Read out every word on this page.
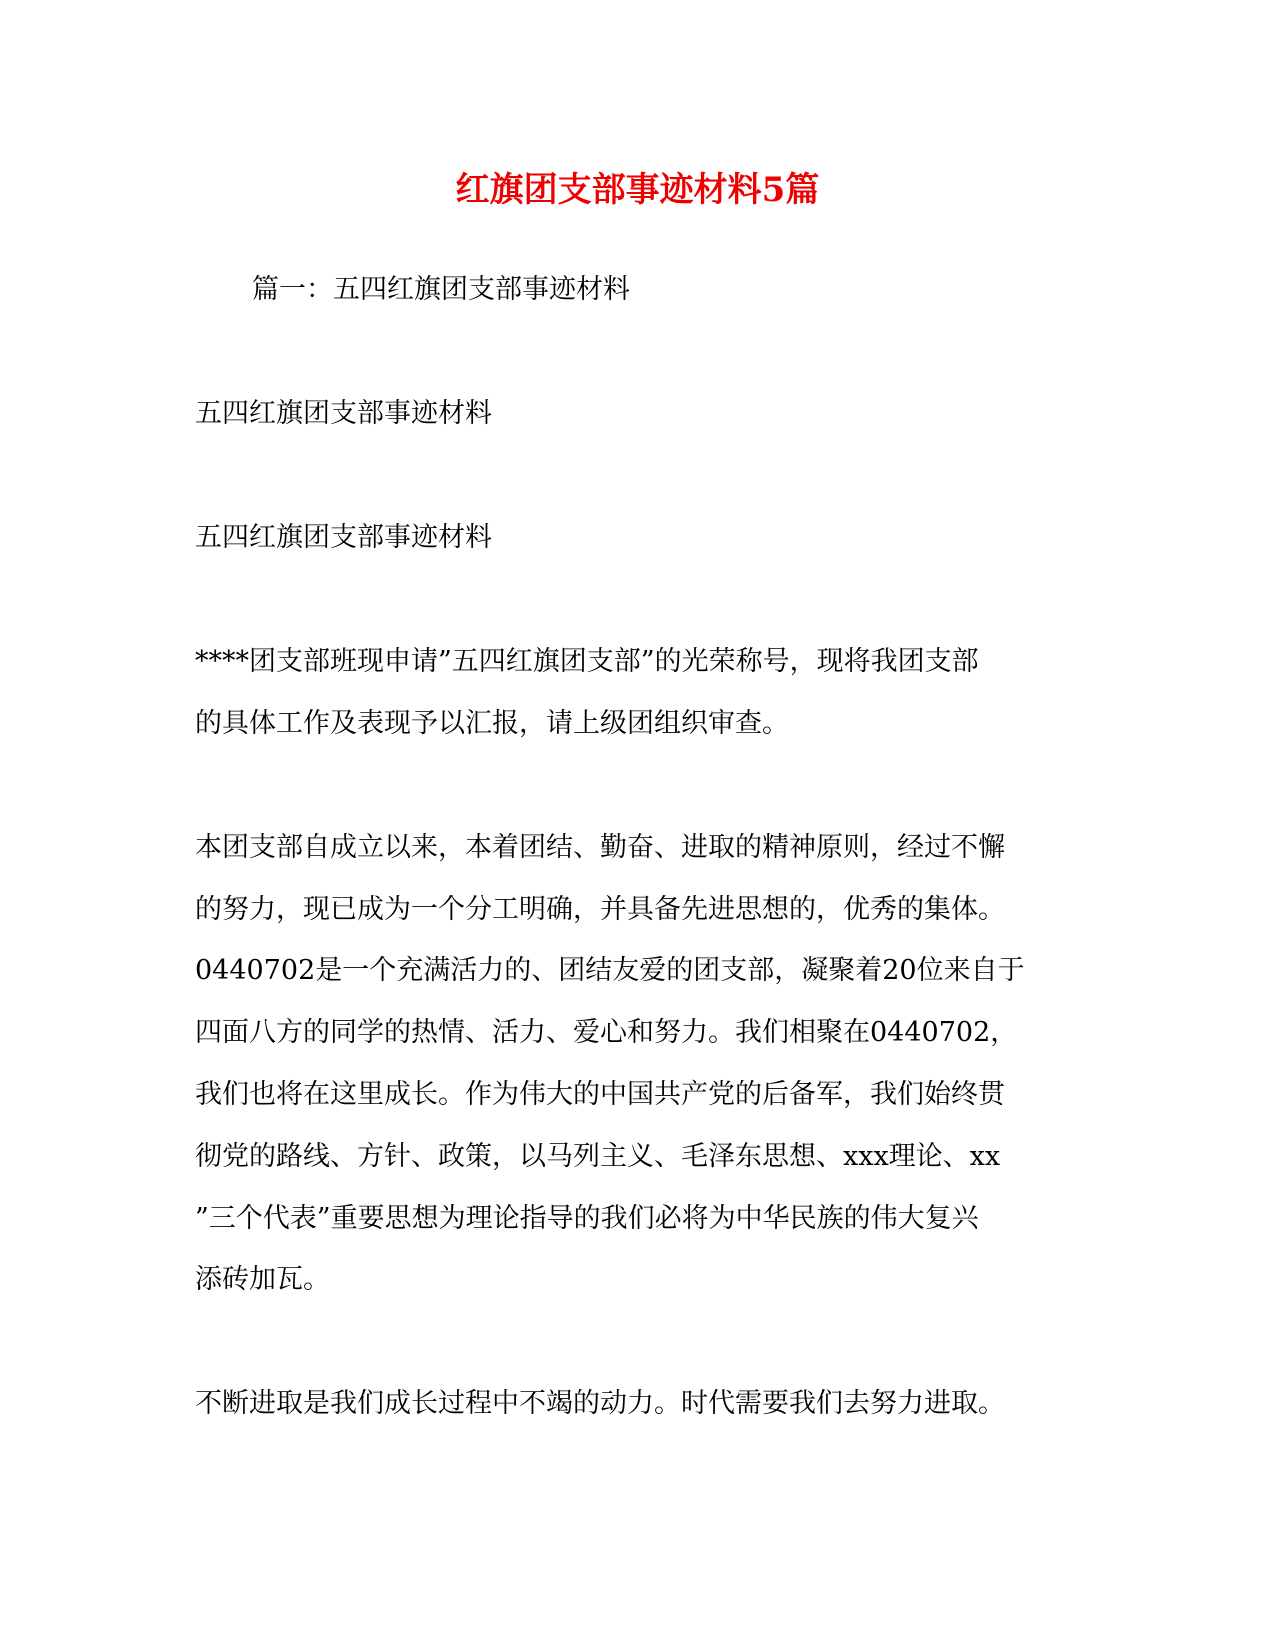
红旗团支部事迹材料5篇
篇一：五四红旗团支部事迹材料
五四红旗团支部事迹材料
五四红旗团支部事迹材料
****团支部班现申请”五四红旗团支部”的光荣称号，现将我团支部
的具体工作及表现予以汇报，请上级团组织审查。
本团支部自成立以来，本着团结、勤奋、进取的精神原则，经过不懈
的努力，现已成为一个分工明确，并具备先进思想的，优秀的集体。
0440702是一个充满活力的、团结友爱的团支部，凝聚着20位来自于
四面八方的同学的热情、活力、爱心和努力。我们相聚在0440702，
我们也将在这里成长。作为伟大的中国共产党的后备军，我们始终贯
彻党的路线、方针、政策，以马列主义、毛泽东思想、xxx理论、xx
”三个代表”重要思想为理论指导的我们必将为中华民族的伟大复兴
添砖加瓦。
不断进取是我们成长过程中不竭的动力。时代需要我们去努力进取。
